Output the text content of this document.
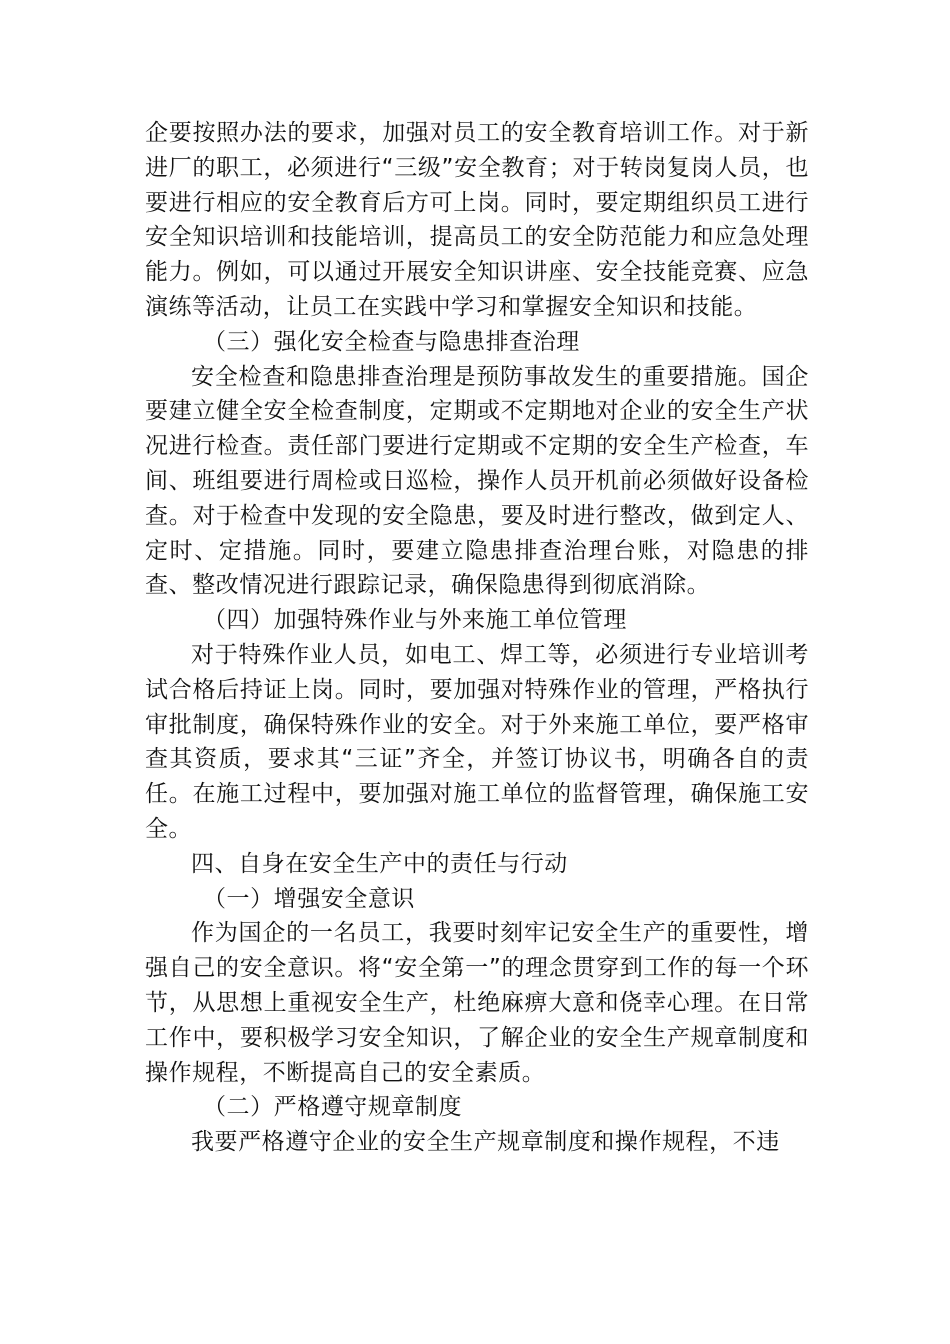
企要按照办法的要求，加强对员工的安全教育培训工作。对于新进厂的职工，必须进行“三级”安全教育；对于转岗复岗人员，也要进行相应的安全教育后方可上岗。同时，要定期组织员工进行安全知识培训和技能培训，提高员工的安全防范能力和应急处理能力。例如，可以通过开展安全知识讲座、安全技能竞赛、应急演练等活动，让员工在实践中学习和掌握安全知识和技能。

（三）强化安全检查与隐患排查治理

安全检查和隐患排查治理是预防事故发生的重要措施。国企要建立健全安全检查制度，定期或不定期地对企业的安全生产状况进行检查。责任部门要进行定期或不定期的安全生产检查，车间、班组要进行周检或日巡检，操作人员开机前必须做好设备检查。对于检查中发现的安全隐患，要及时进行整改，做到定人、定时、定措施。同时，要建立隐患排查治理台账，对隐患的排查、整改情况进行跟踪记录，确保隐患得到彻底消除。

（四）加强特殊作业与外来施工单位管理

对于特殊作业人员，如电工、焊工等，必须进行专业培训考试合格后持证上岗。同时，要加强对特殊作业的管理，严格执行审批制度，确保特殊作业的安全。对于外来施工单位，要严格审查其资质，要求其“三证”齐全，并签订协议书，明确各自的责任。在施工过程中，要加强对施工单位的监督管理，确保施工安全。

四、自身在安全生产中的责任与行动

（一）增强安全意识

作为国企的一名员工，我要时刻牢记安全生产的重要性，增强自己的安全意识。将“安全第一”的理念贯穿到工作的每一个环节，从思想上重视安全生产，杜绝麻痹大意和侥幸心理。在日常工作中，要积极学习安全知识，了解企业的安全生产规章制度和操作规程，不断提高自己的安全素质。

（二）严格遵守规章制度

我要严格遵守企业的安全生产规章制度和操作规程，不违
